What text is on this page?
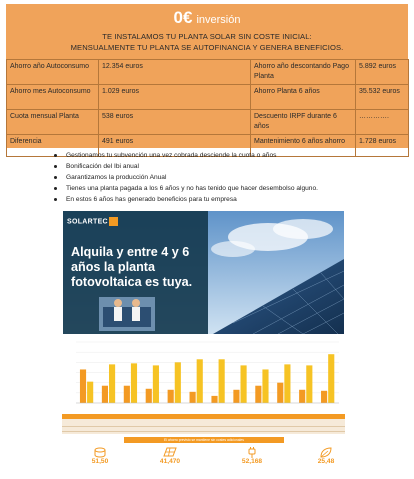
0€ inversión
TE INSTALAMOS TU PLANTA SOLAR SIN COSTE INICIAL:
MENSUALMENTE TU PLANTA SE AUTOFINANCIA Y GENERA BENEFICIOS.
Ahorro año Autoconsumo	12.354 euros	Ahorro año descontando Pago Planta	5.892 euros
Ahorro mes Autoconsumo	1.029 euros	Ahorro Planta 6 años	35.532 euros
Cuota mensual Planta	538 euros	Descuento IRPF durante 6 años	………….
Diferencia	491 euros	Mantenimiento 6 años ahorro	1.728 euros
Gestionamos tu subvención una vez cobrada desciende la cuota o años
Bonificación del Ibi anual
Garantizamos la producción Anual
Tienes una planta pagada a los 6 años y no has tenido que hacer desembolso alguno.
En estos 6 años has generado beneficios para tu empresa
SOLARTEC
Alquila y entre 4 y 6 años la planta fotovoltaica es tuya.
El ahorro previsto se mantiene sin costes adicionales
51,50	41,470	52,168	25,48
